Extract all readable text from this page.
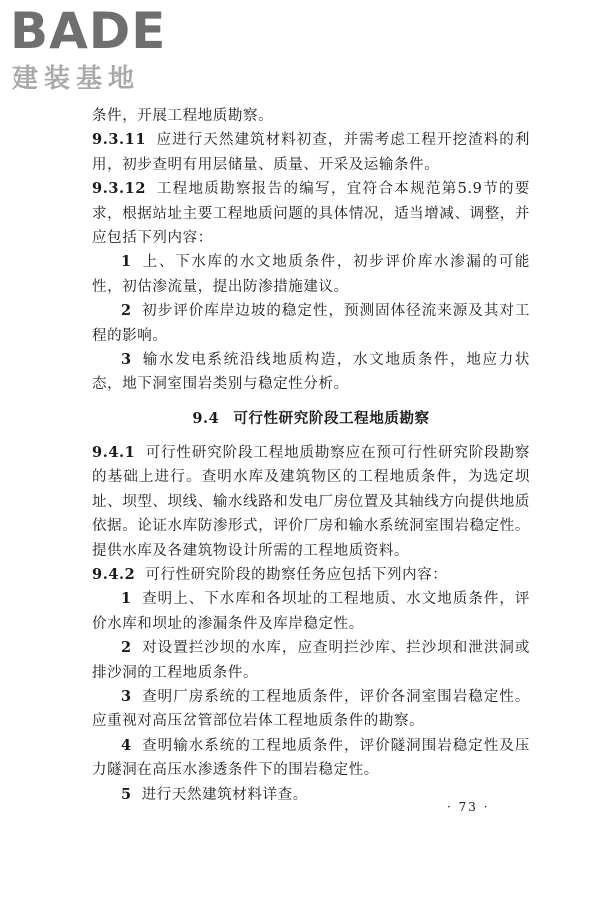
BADE
建装基地

条件，开展工程地质勘察。

9.3.11 应进行天然建筑材料初查，并需考虑工程开挖渣料的利用，初步查明有用层储量、质量、开采及运输条件。

9.3.12 工程地质勘察报告的编写，宜符合本规范第5.9节的要求，根据站址主要工程地质问题的具体情况，适当增减、调整，并应包括下列内容：

1 上、下水库的水文地质条件，初步评价库水渗漏的可能性，初估渗流量，提出防渗措施建议。

2 初步评价库岸边坡的稳定性，预测固体径流来源及其对工程的影响。

3 输水发电系统沿线地质构造，水文地质条件，地应力状态，地下洞室围岩类别与稳定性分析。

9.4 可行性研究阶段工程地质勘察

9.4.1 可行性研究阶段工程地质勘察应在预可行性研究阶段勘察的基础上进行。查明水库及建筑物区的工程地质条件，为选定坝址、坝型、坝线、输水线路和发电厂房位置及其轴线方向提供地质依据。论证水库防渗形式，评价厂房和输水系统洞室围岩稳定性。提供水库及各建筑物设计所需的工程地质资料。

9.4.2 可行性研究阶段的勘察任务应包括下列内容：

1 查明上、下水库和各坝址的工程地质、水文地质条件，评价水库和坝址的渗漏条件及库岸稳定性。

2 对设置拦沙坝的水库，应查明拦沙库、拦沙坝和泄洪洞或排沙洞的工程地质条件。

3 查明厂房系统的工程地质条件，评价各洞室围岩稳定性。应重视对高压岔管部位岩体工程地质条件的勘察。

4 查明输水系统的工程地质条件，评价隧洞围岩稳定性及压力隧洞在高压水渗透条件下的围岩稳定性。

5 进行天然建筑材料详查。

· 73 ·
